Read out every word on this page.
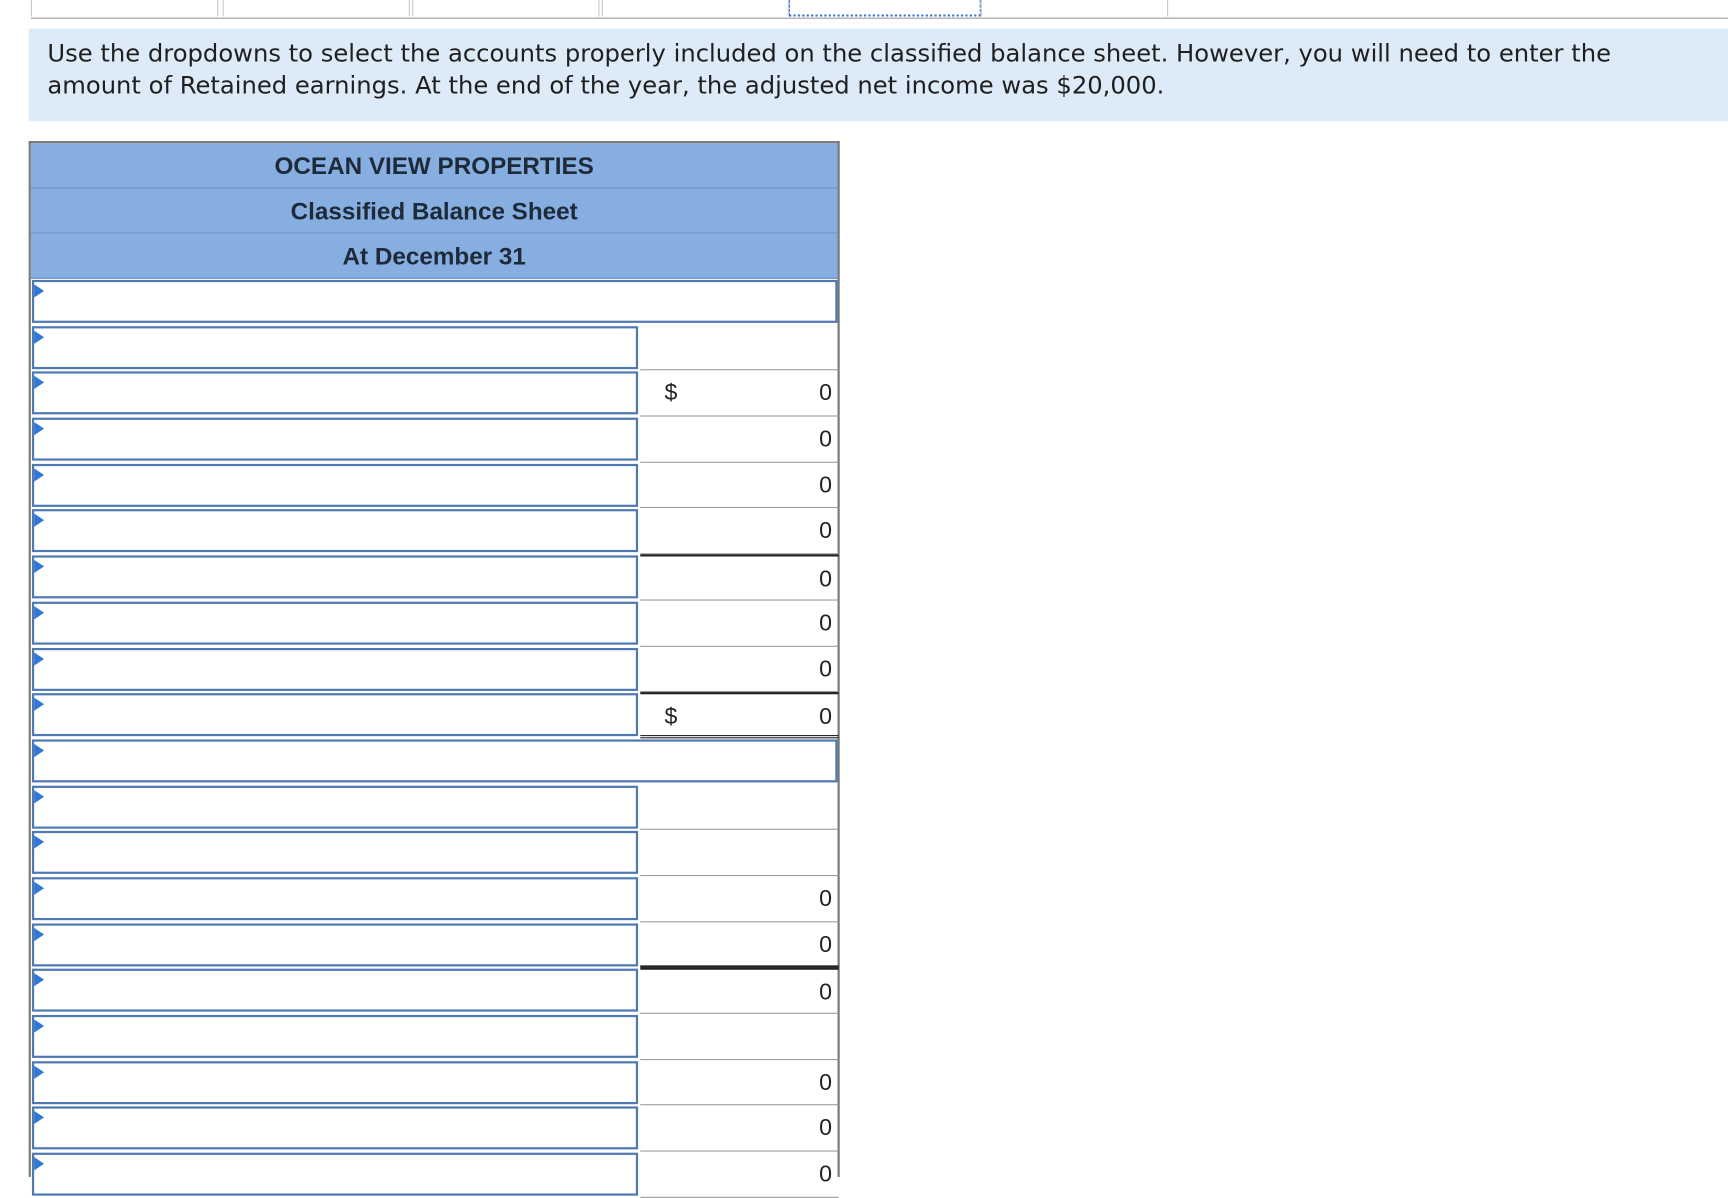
Use the dropdowns to select the accounts properly included on the classified balance sheet. However, you will need to enter the amount of Retained earnings. At the end of the year, the adjusted net income was $20,000.
OCEAN VIEW PROPERTIES
Classified Balance Sheet
At December 31
$	0
0
0
0
0
0
0
$	0
0
0
0
0
0
0
